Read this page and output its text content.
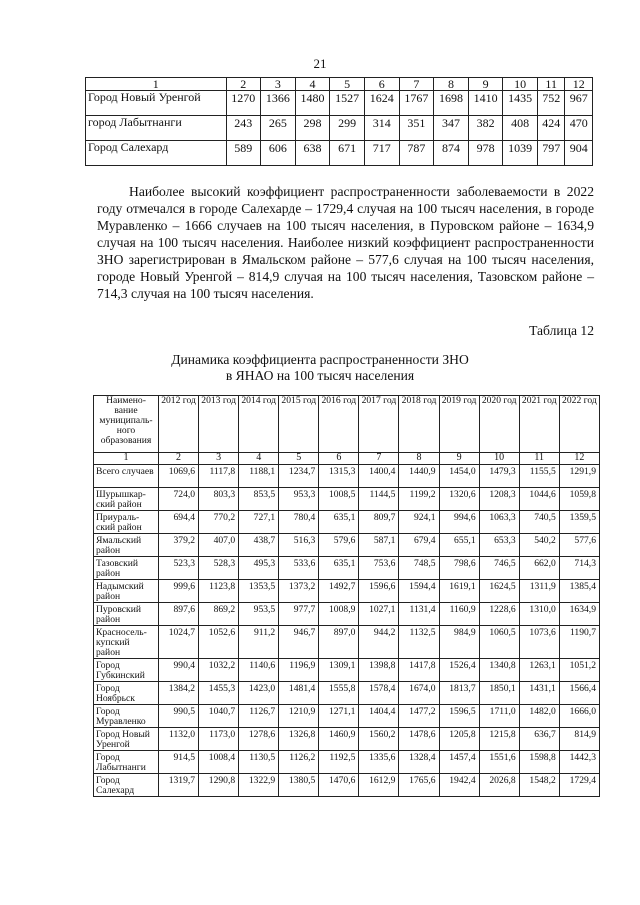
21
1	2	3	4	5	6	7	8	9	10	11	12
Город Новый Уренгой	1270	1366	1480	1527	1624	1767	1698	1410	1435	752	967
город Лабытнанги	243	265	298	299	314	351	347	382	408	424	470
Город Салехард	589	606	638	671	717	787	874	978	1039	797	904

Наиболее высокий коэффициент распространенности заболеваемости в 2022 году отмечался в городе Салехарде – 1729,4 случая на 100 тысяч населения, в городе Муравленко – 1666 случаев на 100 тысяч населения, в Пуровском районе – 1634,9 случая на 100 тысяч населения. Наиболее низкий коэффициент распространенности ЗНО зарегистрирован в Ямальском районе – 577,6 случая на 100 тысяч населения, городе Новый Уренгой – 814,9 случая на 100 тысяч населения, Тазовском районе – 714,3 случая на 100 тысяч населения.

Таблица 12
Динамика коэффициента распространенности ЗНО
в ЯНАО на 100 тысяч населения
Наимено-вание муниципаль-ного образования	2012 год	2013 год	2014 год	2015 год	2016 год	2017 год	2018 год	2019 год	2020 год	2021 год	2022 год
1	2	3	4	5	6	7	8	9	10	11	12
Всего случаев	1069,6	1117,8	1188,1	1234,7	1315,3	1400,4	1440,9	1454,0	1479,3	1155,5	1291,9
Шурышкар-ский район	724,0	803,3	853,5	953,3	1008,5	1144,5	1199,2	1320,6	1208,3	1044,6	1059,8
Приураль-ский район	694,4	770,2	727,1	780,4	635,1	809,7	924,1	994,6	1063,3	740,5	1359,5
Ямальский район	379,2	407,0	438,7	516,3	579,6	587,1	679,4	655,1	653,3	540,2	577,6
Тазовский район	523,3	528,3	495,3	533,6	635,1	753,6	748,5	798,6	746,5	662,0	714,3
Надымский район	999,6	1123,8	1353,5	1373,2	1492,7	1596,6	1594,4	1619,1	1624,5	1311,9	1385,4
Пуровский район	897,6	869,2	953,5	977,7	1008,9	1027,1	1131,4	1160,9	1228,6	1310,0	1634,9
Красносель-купский район	1024,7	1052,6	911,2	946,7	897,0	944,2	1132,5	984,9	1060,5	1073,6	1190,7
Город Губкинский	990,4	1032,2	1140,6	1196,9	1309,1	1398,8	1417,8	1526,4	1340,8	1263,1	1051,2
Город Ноябрьск	1384,2	1455,3	1423,0	1481,4	1555,8	1578,4	1674,0	1813,7	1850,1	1431,1	1566,4
Город Муравленко	990,5	1040,7	1126,7	1210,9	1271,1	1404,4	1477,2	1596,5	1711,0	1482,0	1666,0
Город Новый Уренгой	1132,0	1173,0	1278,6	1326,8	1460,9	1560,2	1478,6	1205,8	1215,8	636,7	814,9
Город Лабытнанги	914,5	1008,4	1130,5	1126,2	1192,5	1335,6	1328,4	1457,4	1551,6	1598,8	1442,3
Город Салехард	1319,7	1290,8	1322,9	1380,5	1470,6	1612,9	1765,6	1942,4	2026,8	1548,2	1729,4
